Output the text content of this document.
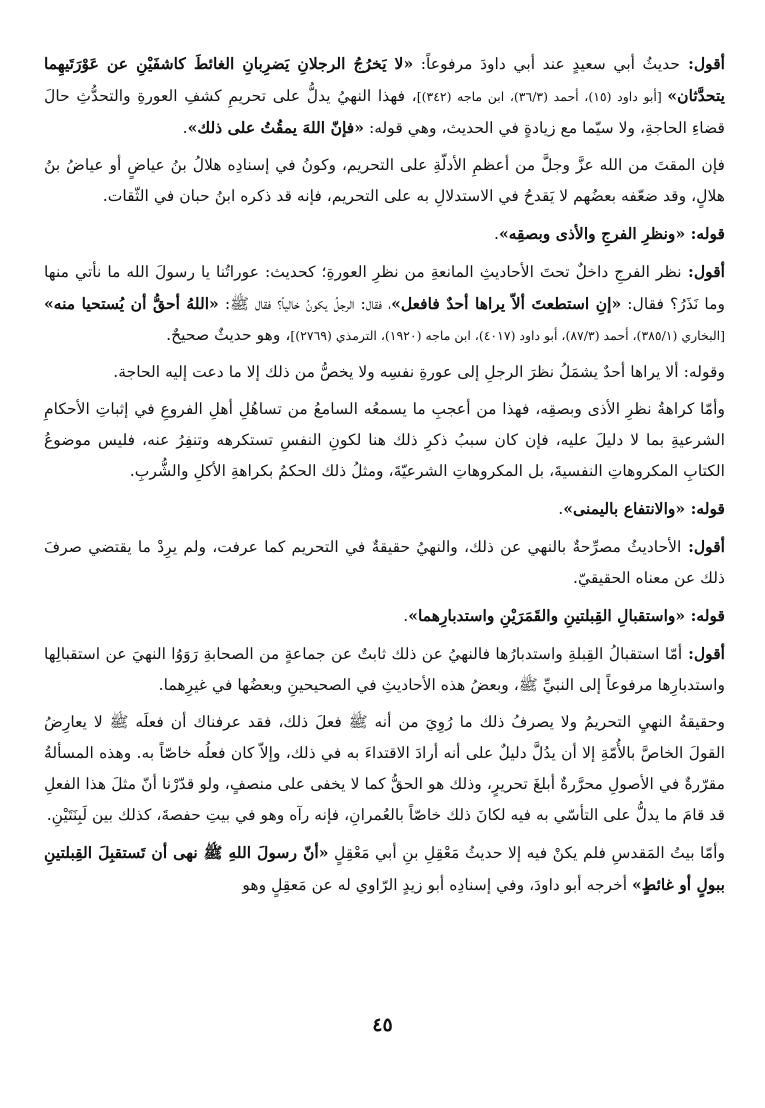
أقول: حديثُ أبي سعيدٍ عند أبي داودَ مرفوعاً: «لا يَخرُجُ الرجلانِ يَضرِبانِ الغائطَ كاشفَيْنِ عن عَوْرَتَيهِما يتحدَّثان» [أبو داود (١٥)، أحمد (٣٦/٣)، ابن ماجه (٣٤٢)]، فهذا النهيُ يدلُّ على تحريمِ كشفِ العورةِ والتحدُّثِ حالَ قضاءِ الحاجةِ، ولا سيّما مع زيادةٍ في الحديث، وهي قوله: «فإنّ اللهَ يمقُتُ على ذلك».

فإن المقتَ من الله عزَّ وجلَّ من أعظمِ الأدلّةِ على التحريم، وكونُ في إسنادِه هلالُ بنُ عياضٍ أو عياضُ بنُ هلالٍ، وقد ضعّفه بعضُهم لا يَقدحُ في الاستدلالِ به على التحريم، فإنه قد ذكره ابنُ حبان في الثّقات.

قوله: «ونظرِ الفرجِ والأذى وبصقِه».

أقول: نظر الفرجِ داخلٌ تحتَ الأحاديثِ المانعةِ من نظرِ العورةِ؛ كحديث: عوراتُنا يا رسولَ الله ما نأتي منها وما نَذَرُ؟ فقال: «إنِ استطعتَ ألاّ يراها أحدٌ فافعل»، فقال: الرجلُ يكونُ خالياً؟ فقال ﷺ: «اللهُ أحقُّ أن يُستحيا منه» [البخاري (٣٨٥/١)، أحمد (٨٧/٣)، أبو داود (٤٠١٧)، ابن ماجه (١٩٢٠)، الترمذي (٢٧٦٩)]، وهو حديثٌ صحيحٌ.

وقوله: ألا يراها أحدٌ يشمَلُ نظرَ الرجلِ إلى عورةِ نفسِه ولا يخصُّ من ذلك إلا ما دعت إليه الحاجة.

وأمّا كراهةُ نظرِ الأذى وبصقِه، فهذا من أعجبِ ما يسمعُه السامعُ من تساهُلِ أهلِ الفروعِ في إثباتِ الأحكامِ الشرعيةِ بما لا دليلَ عليه، فإن كان سببُ ذكرِ ذلك هنا لكونِ النفسِ تستكرهه وتنفِرُ عنه، فليس موضوعُ الكتابِ المكروهاتِ النفسيةَ، بل المكروهاتِ الشرعيّةَ، ومثلُ ذلك الحكمُ بكراهةِ الأكلِ والشُّربِ.

قوله: «والانتفاع باليمنى».

أقول: الأحاديثُ مصرِّحةٌ بالنهي عن ذلك، والنهيُ حقيقةٌ في التحريم كما عرفت، ولم يرِدْ ما يقتضي صرفَ ذلك عن معناه الحقيقيّ.

قوله: «واستقبالِ القِبلتينِ والقَمَرَيْنِ واستدبارِهما».

أقول: أمّا استقبالُ القِبلةِ واستدبارُها فالنهيُ عن ذلك ثابتٌ عن جماعةٍ من الصحابةِ رَوَوُا النهيَ عن استقبالِها واستدبارِها مرفوعاً إلى النبيِّ ﷺ، وبعضُ هذه الأحاديثِ في الصحيحينِ وبعضُها في غيرِهما.

وحقيقةُ النهيِ التحريمُ ولا يصرفُ ذلك ما رُوِيَ من أنه ﷺ فعلَ ذلك، فقد عرفناك أن فعلَه ﷺ لا يعارِضُ القولَ الخاصَّ بالأُمّةِ إلا أن يدُلَّ دليلٌ على أنه أرادَ الاقتداءَ به في ذلك، وإلاّ كان فعلُه خاصّاً به. وهذه المسألةُ مقرّرةٌ في الأصولِ محرَّرةٌ أبلغَ تحريرٍ، وذلك هو الحقُّ كما لا يخفى على منصفٍ، ولو قدّرْنا أنّ مثلَ هذا الفعلِ قد قامَ ما يدلُّ على التأسّي به فيه لكانَ ذلك خاصّاً بالعُمرانِ، فإنه رآه وهو في بيتِ حفصةَ، كذلك بين لَبِنَتَيْنِ.

وأمّا بيتُ المَقدسِ فلم يكنْ فيه إلا حديثُ مَعْقِلِ بنِ أبي مَعْقِلٍ «أنّ رسولَ اللهِ ﷺ نهى أن تَستقبِلَ القِبلتينِ ببولٍ أو غائطٍ» أخرجه أبو داودَ، وفي إسنادِه أبو زيدٍ الرّاوي له عن مَعقِلٍ وهو

٤٥
